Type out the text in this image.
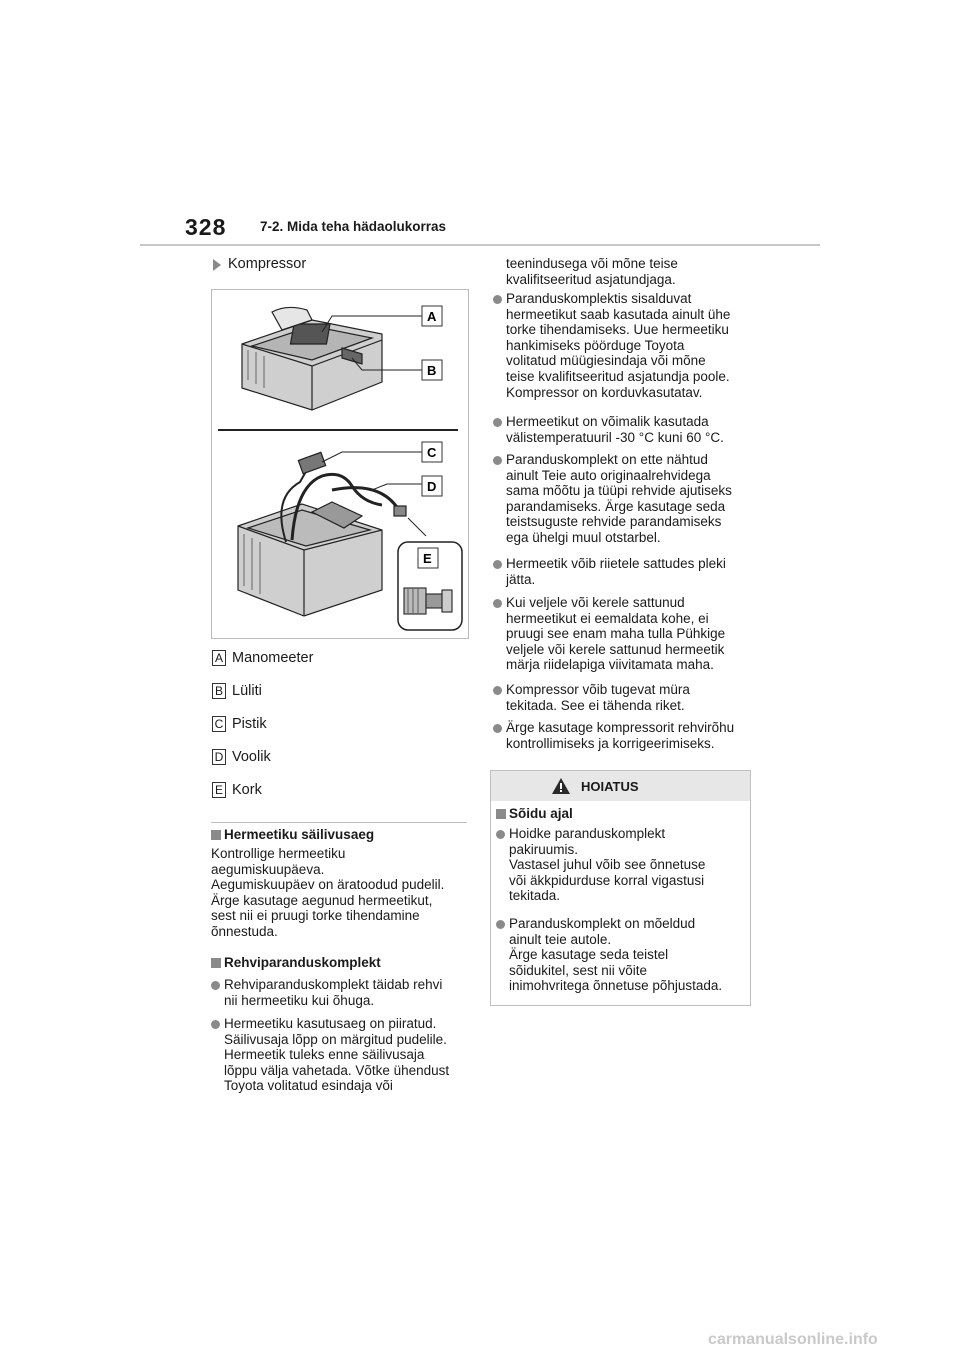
328 7-2. Mida teha hädaolukorras
Kompressor
A
B
C
D
E
A Manomeeter
B Lüliti
C Pistik
D Voolik
E Kork
Hermeetiku säilivusaeg
Kontrollige hermeetiku
aegumiskuupäeva.
Aegumiskuupäev on äratoodud pudelil.
Ärge kasutage aegunud hermeetikut,
sest nii ei pruugi torke tihendamine
õnnestuda.
Rehviparanduskomplekt
Rehviparanduskomplekt täidab rehvi
nii hermeetiku kui õhuga.
Hermeetiku kasutusaeg on piiratud.
Säilivusaja lõpp on märgitud pudelile.
Hermeetik tuleks enne säilivusaja
lõppu välja vahetada. Võtke ühendust
Toyota volitatud esindaja või
teenindusega või mõne teise
kvalifitseeritud asjatundjaga.
Paranduskomplektis sisalduvat
hermeetikut saab kasutada ainult ühe
torke tihendamiseks. Uue hermeetiku
hankimiseks pöörduge Toyota
volitatud müügiesindaja või mõne
teise kvalifitseeritud asjatundja poole.
Kompressor on korduvkasutatav.
Hermeetikut on võimalik kasutada
välistemperatuuril -30 °C kuni 60 °C.
Paranduskomplekt on ette nähtud
ainult Teie auto originaalrehvidega
sama mõõtu ja tüüpi rehvide ajutiseks
parandamiseks. Ärge kasutage seda
teistsuguste rehvide parandamiseks
ega ühelgi muul otstarbel.
Hermeetik võib riietele sattudes pleki
jätta.
Kui veljele või kerele sattunud
hermeetikut ei eemaldata kohe, ei
pruugi see enam maha tulla Pühkige
veljele või kerele sattunud hermeetik
märja riidelapiga viivitamata maha.
Kompressor võib tugevat müra
tekitada. See ei tähenda riket.
Ärge kasutage kompressorit rehvirõhu
kontrollimiseks ja korrigeerimiseks.
HOIATUS
Sõidu ajal
Hoidke paranduskomplekt
pakiruumis.
Vastasel juhul võib see õnnetuse
või äkkpidurduse korral vigastusi
tekitada.
Paranduskomplekt on mõeldud
ainult teie autole.
Ärge kasutage seda teistel
sõidukitel, sest nii võite
inimohvritega õnnetuse põhjustada.
carmanualsonline.info
